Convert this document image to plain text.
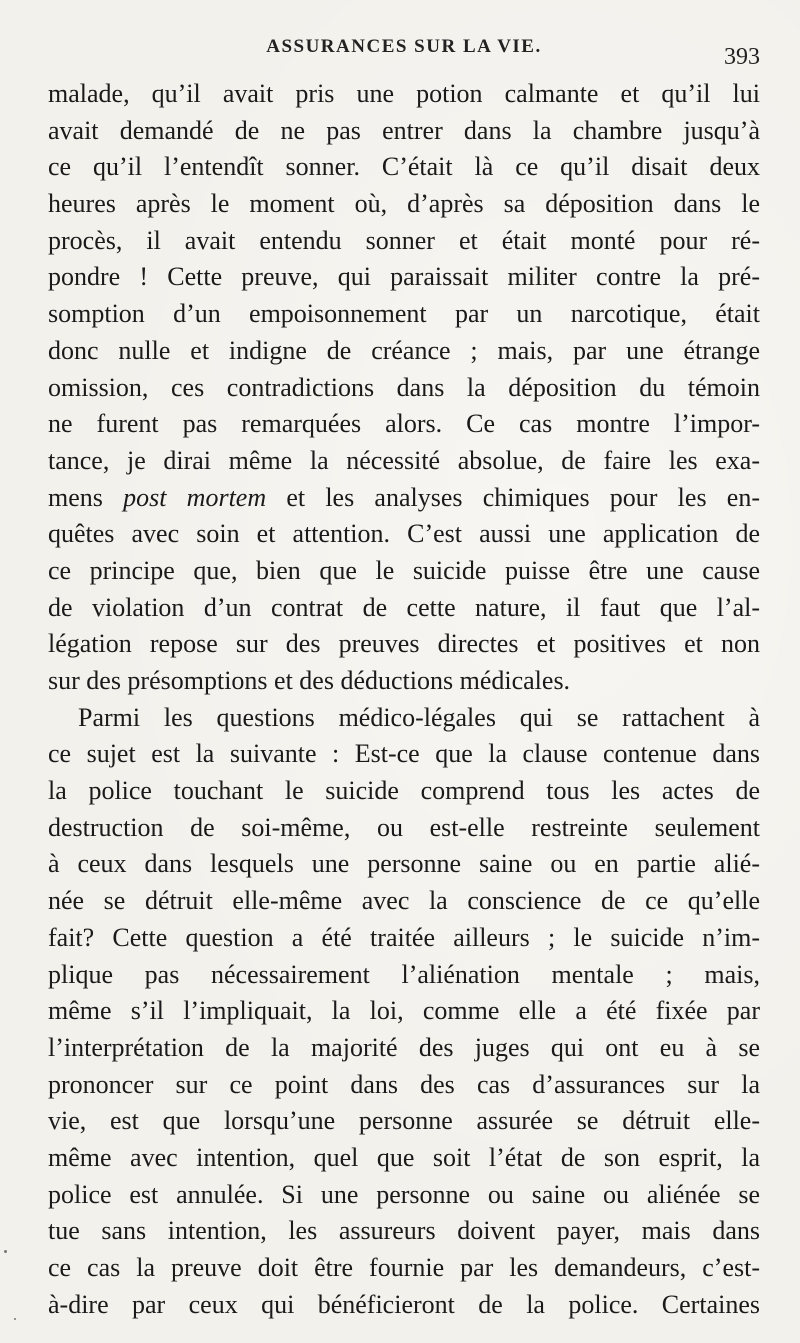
ASSURANCES SUR LA VIE.	393
malade, qu’il avait pris une potion calmante et qu’il lui
avait demandé de ne pas entrer dans la chambre jusqu’à
ce qu’il l’entendît sonner. C’était là ce qu’il disait deux
heures après le moment où, d’après sa déposition dans le
procès, il avait entendu sonner et était monté pour ré-
pondre ! Cette preuve, qui paraissait militer contre la pré-
somption d’un empoisonnement par un narcotique, était
donc nulle et indigne de créance ; mais, par une étrange
omission, ces contradictions dans la déposition du témoin
ne furent pas remarquées alors. Ce cas montre l’impor-
tance, je dirai même la nécessité absolue, de faire les exa-
mens post mortem et les analyses chimiques pour les en-
quêtes avec soin et attention. C’est aussi une application de
ce principe que, bien que le suicide puisse être une cause
de violation d’un contrat de cette nature, il faut que l’al-
légation repose sur des preuves directes et positives et non
sur des présomptions et des déductions médicales.
Parmi les questions médico-légales qui se rattachent à
ce sujet est la suivante : Est-ce que la clause contenue dans
la police touchant le suicide comprend tous les actes de
destruction de soi-même, ou est-elle restreinte seulement
à ceux dans lesquels une personne saine ou en partie alié-
née se détruit elle-même avec la conscience de ce qu’elle
fait? Cette question a été traitée ailleurs ; le suicide n’im-
plique pas nécessairement l’aliénation mentale ; mais,
même s’il l’impliquait, la loi, comme elle a été fixée par
l’interprétation de la majorité des juges qui ont eu à se
prononcer sur ce point dans des cas d’assurances sur la
vie, est que lorsqu’une personne assurée se détruit elle-
même avec intention, quel que soit l’état de son esprit, la
police est annulée. Si une personne ou saine ou aliénée se
tue sans intention, les assureurs doivent payer, mais dans
ce cas la preuve doit être fournie par les demandeurs, c’est-
à-dire par ceux qui bénéficieront de la police. Certaines
